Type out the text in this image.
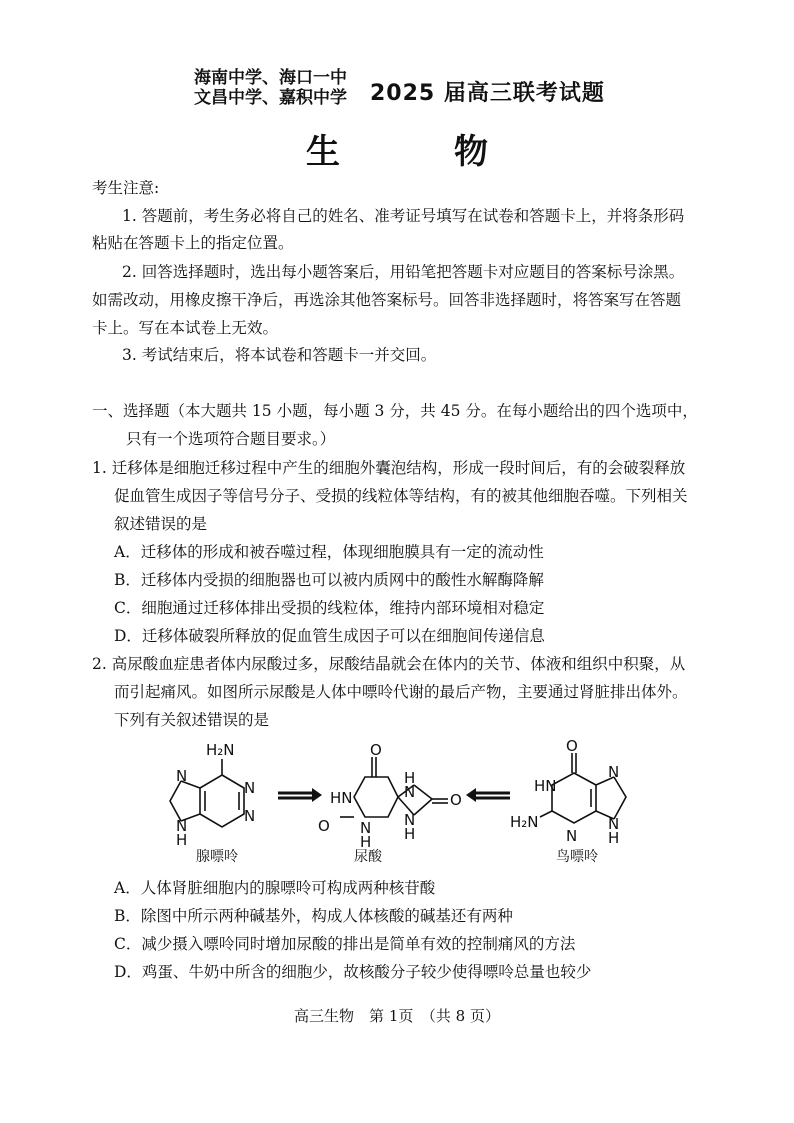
海南中学、海口一中
文昌中学、嘉积中学 2025 届高三联考试题
生　物
考生注意:
1. 答题前，考生务必将自己的姓名、准考证号填写在试卷和答题卡上，并将条形码
粘贴在答题卡上的指定位置。
2. 回答选择题时，选出每小题答案后，用铅笔把答题卡对应题目的答案标号涂黑。
如需改动，用橡皮擦干净后，再选涂其他答案标号。回答非选择题时，将答案写在答题
卡上。写在本试卷上无效。
3. 考试结束后，将本试卷和答题卡一并交回。
一、选择题（本大题共 15 小题，每小题 3 分，共 45 分。在每小题给出的四个选项中，
只有一个选项符合题目要求。）
1. 迁移体是细胞迁移过程中产生的细胞外囊泡结构，形成一段时间后，有的会破裂释放
促血管生成因子等信号分子、受损的线粒体等结构，有的被其他细胞吞噬。下列相关
叙述错误的是
A．迁移体的形成和被吞噬过程，体现细胞膜具有一定的流动性
B．迁移体内受损的细胞器也可以被内质网中的酸性水解酶降解
C．细胞通过迁移体排出受损的线粒体，维持内部环境相对稳定
D．迁移体破裂所释放的促血管生成因子可以在细胞间传递信息
2. 高尿酸血症患者体内尿酸过多，尿酸结晶就会在体内的关节、体液和组织中积聚，从
而引起痛风。如图所示尿酸是人体中嘌呤代谢的最后产物，主要通过肾脏排出体外。
下列有关叙述错误的是
H₂N
N
N
N
N
H
O
HN
O N
H
H
N
N
H
O
O
HN
H₂N
N
N
N
H
腺嘌呤	尿酸	鸟嘌呤
A．人体肾脏细胞内的腺嘌呤可构成两种核苷酸
B．除图中所示两种碱基外，构成人体核酸的碱基还有两种
C．减少摄入嘌呤同时增加尿酸的排出是简单有效的控制痛风的方法
D．鸡蛋、牛奶中所含的细胞少，故核酸分子较少使得嘌呤总量也较少
高三生物　第 1页　（共 8 页）
